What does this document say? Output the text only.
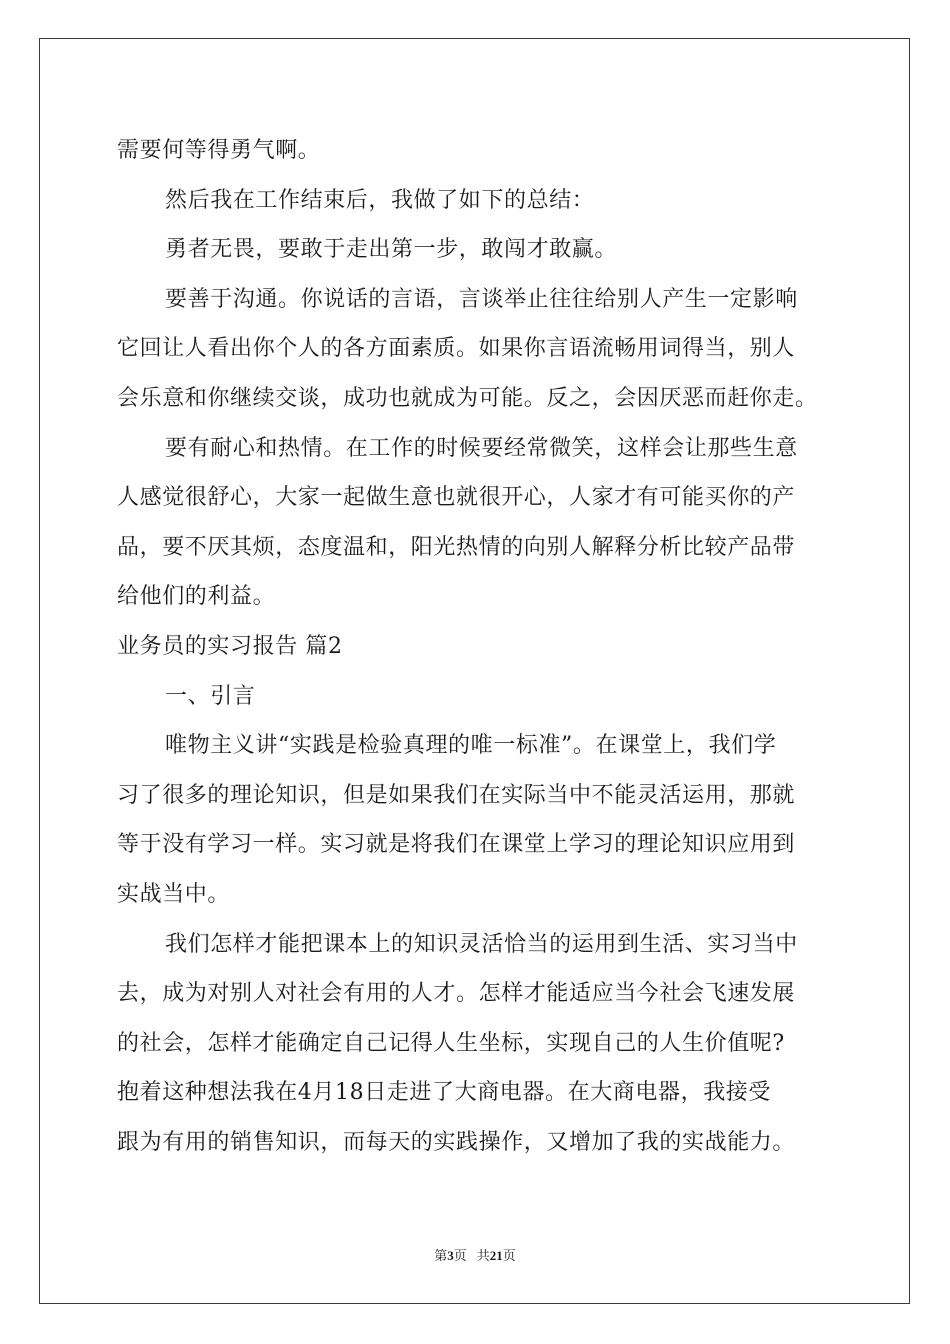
需要何等得勇气啊。
然后我在工作结束后，我做了如下的总结：
勇者无畏，要敢于走出第一步，敢闯才敢赢。
要善于沟通。你说话的言语，言谈举止往往给别人产生一定影响
它回让人看出你个人的各方面素质。如果你言语流畅用词得当，别人
会乐意和你继续交谈，成功也就成为可能。反之，会因厌恶而赶你走。
要有耐心和热情。在工作的时候要经常微笑，这样会让那些生意
人感觉很舒心，大家一起做生意也就很开心，人家才有可能买你的产
品，要不厌其烦，态度温和，阳光热情的向别人解释分析比较产品带
给他们的利益。
业务员的实习报告 篇2
一、引言
唯物主义讲“实践是检验真理的唯一标准”。在课堂上，我们学
习了很多的理论知识，但是如果我们在实际当中不能灵活运用，那就
等于没有学习一样。实习就是将我们在课堂上学习的理论知识应用到
实战当中。
我们怎样才能把课本上的知识灵活恰当的运用到生活、实习当中
去，成为对别人对社会有用的人才。怎样才能适应当今社会飞速发展
的社会，怎样才能确定自己记得人生坐标，实现自己的人生价值呢?
抱着这种想法我在4月18日走进了大商电器。在大商电器，我接受
跟为有用的销售知识，而每天的实践操作，又增加了我的实战能力。
第3页 共21页
